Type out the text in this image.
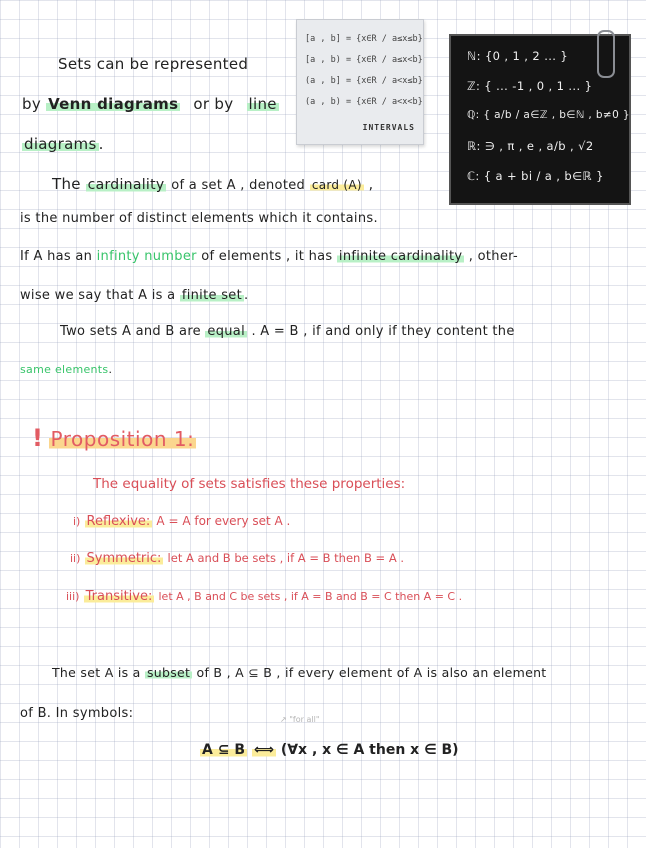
Sets can be represented
by Venn diagrams or by line
diagrams .
[a , b] = {x∈R / a≤x≤b}
[a , b) = {x∈R / a≤x<b}
(a , b] = {x∈R / a<x≤b}
(a , b) = {x∈R / a<x<b}
INTERVALS
ℕ: {0 , 1 , 2 ... }
ℤ: { ... -1 , 0 , 1 ... }
ℚ: { a/b / a∈ℤ , b∈ℕ , b≠0 }
ℝ: ∋ , π , e , a/b , √2
ℂ: { a + bi / a , b∈ℝ }
The cardinality of a set A , denoted card (A) ,
is the number of distinct elements which it contains.
If A has an infinty number of elements , it has infinite cardinality , other-
wise we say that A is a finite set .
Two sets A and B are equal . A = B , if and only if they content the
same elements.
! Proposition 1:
The equality of sets satisfies these properties:
i) Reflexive: A = A for every set A .
ii) Symmetric: let A and B be sets , if A = B then B = A .
iii) Transitive: let A , B and C be sets , if A = B and B = C then A = C .
The set A is a subset of B , A ⊆ B , if every element of A is also an element
of B. In symbols:	↗ "for all"
A ⊆ B ⟺ (∀x , x ∈ A then x ∈ B)
